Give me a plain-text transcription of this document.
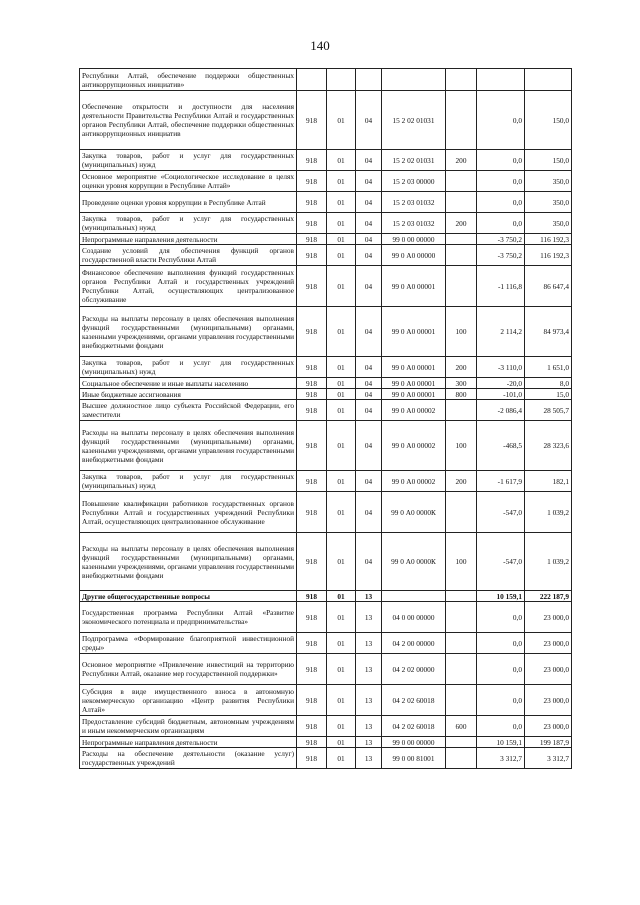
140
Республики Алтай, обеспечение поддержки общественных антикоррупционных инициатив»							
Обеспечение открытости и доступности для населения деятельности Правительства Республики Алтай и государственных органов Республики Алтай, обеспечение поддержки общественных антикоррупционных инициатив	918	01	04	15 2 02 01031		0,0	150,0
Закупка товаров, работ и услуг для государственных (муниципальных) нужд	918	01	04	15 2 02 01031	200	0,0	150,0
Основное мероприятие «Социологическое исследование в целях оценки уровня коррупции в Республике Алтай»	918	01	04	15 2 03 00000		0,0	350,0
Проведение оценки уровня коррупции в Республике Алтай	918	01	04	15 2 03 01032		0,0	350,0
Закупка товаров, работ и услуг для государственных (муниципальных) нужд	918	01	04	15 2 03 01032	200	0,0	350,0
Непрограммные направления деятельности	918	01	04	99 0 00 00000		-3 750,2	116 192,3
Создание условий для обеспечения функций органов государственной власти Республики Алтай	918	01	04	99 0 А0 00000		-3 750,2	116 192,3
Финансовое обеспечение выполнения функций государственных органов Республики Алтай и государственных учреждений Республики Алтай, осуществляющих централизованное обслуживание	918	01	04	99 0 А0 00001		-1 116,8	86 647,4
Расходы на выплаты персоналу в целях обеспечения выполнения функций государственными (муниципальными) органами, казенными учреждениями, органами управления государственными внебюджетными фондами	918	01	04	99 0 А0 00001	100	2 114,2	84 973,4
Закупка товаров, работ и услуг для государственных (муниципальных) нужд	918	01	04	99 0 А0 00001	200	-3 110,0	1 651,0
Социальное обеспечение и иные выплаты населению	918	01	04	99 0 А0 00001	300	-20,0	8,0
Иные бюджетные ассигнования	918	01	04	99 0 А0 00001	800	-101,0	15,0
Высшее должностное лицо субъекта Российской Федерации, его заместители	918	01	04	99 0 А0 00002		-2 086,4	28 505,7
Расходы на выплаты персоналу в целях обеспечения выполнения функций государственными (муниципальными) органами, казенными учреждениями, органами управления государственными внебюджетными фондами	918	01	04	99 0 А0 00002	100	-468,5	28 323,6
Закупка товаров, работ и услуг для государственных (муниципальных) нужд	918	01	04	99 0 А0 00002	200	-1 617,9	182,1
Повышение квалификации работников государственных органов Республики Алтай и государственных учреждений Республики Алтай, осуществляющих централизованное обслуживание	918	01	04	99 0 А0 0000К		-547,0	1 039,2
Расходы на выплаты персоналу в целях обеспечения выполнения функций государственными (муниципальными) органами, казенными учреждениями, органами управления государственными внебюджетными фондами	918	01	04	99 0 А0 0000К	100	-547,0	1 039,2
Другие общегосударственные вопросы	918	01	13			10 159,1	222 187,9
Государственная программа Республики Алтай «Развитие экономического потенциала и предпринимательства»	918	01	13	04 0 00 00000		0,0	23 000,0
Подпрограмма «Формирование благоприятной инвестиционной среды»	918	01	13	04 2 00 00000		0,0	23 000,0
Основное мероприятие «Привлечение инвестиций на территорию Республики Алтай, оказание мер государственной поддержки»	918	01	13	04 2 02 00000		0,0	23 000,0
Субсидия в виде имущественного взноса в автономную некоммерческую организацию «Центр развития Республики Алтай»	918	01	13	04 2 02 60018		0,0	23 000,0
Предоставление субсидий бюджетным, автономным учреждениям и иным некоммерческим организациям	918	01	13	04 2 02 60018	600	0,0	23 000,0
Непрограммные направления деятельности	918	01	13	99 0 00 00000		10 159,1	199 187,9
Расходы на обеспечение деятельности (оказание услуг) государственных учреждений	918	01	13	99 0 00 81001		3 312,7	3 312,7
